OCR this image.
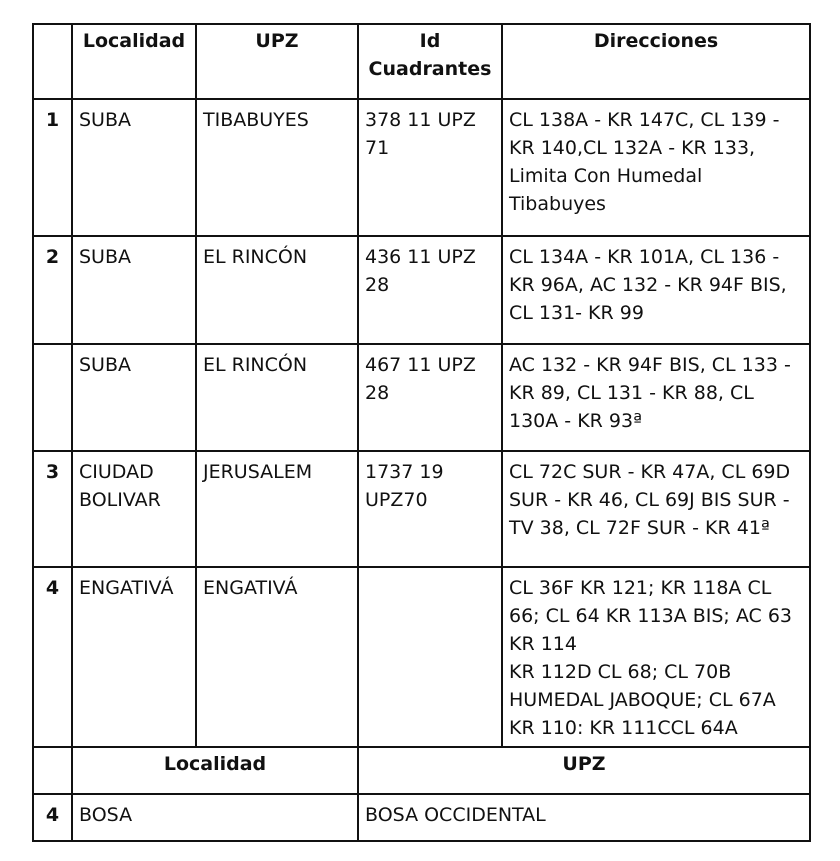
	Localidad	UPZ	Id Cuadrantes	Direcciones
1	SUBA	TIBABUYES	378 11 UPZ 71	CL 138A - KR 147C, CL 139 - KR 140,CL 132A - KR 133, Limita Con Humedal Tibabuyes
2	SUBA	EL RINCÓN	436 11 UPZ 28	CL 134A - KR 101A, CL 136 - KR 96A, AC 132 - KR 94F BIS, CL 131- KR 99
	SUBA	EL RINCÓN	467 11 UPZ 28	AC 132 - KR 94F BIS, CL 133 - KR 89, CL 131 - KR 88, CL 130A - KR 93ª
3	CIUDAD BOLIVAR	JERUSALEM	1737 19 UPZ70	CL 72C SUR - KR 47A, CL 69D SUR - KR 46, CL 69J BIS SUR - TV 38, CL 72F SUR - KR 41ª
4	ENGATIVÁ	ENGATIVÁ		CL 36F KR 121; KR 118A CL 66; CL 64 KR 113A BIS; AC 63 KR 114
KR 112D CL 68; CL 70B HUMEDAL JABOQUE; CL 67A KR 110: KR 111CCL 64A

	Localidad		UPZ	
4	BOSA		BOSA OCCIDENTAL	
